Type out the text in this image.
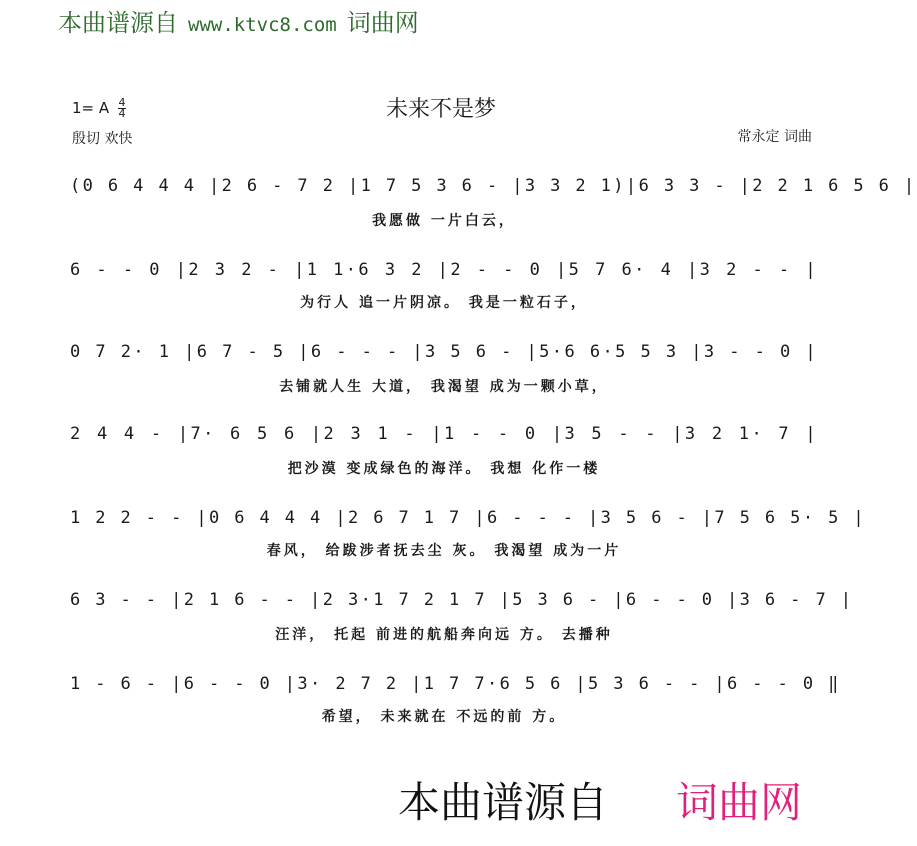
本曲谱源自 www.ktvc8.com 词曲网
1= A $\frac{4}{4}$	未来不是梦
殷切 欢快	常永定 词曲
(0 6 4 4 4 |2 6 - 7 2 |1 7 5 3 6 - |3 3 2 1)|6 3 3 - |2 2 1 6 5 6 |
我愿做 一片白云，
6 - - 0 |2 3 2 - |1 1·6 3 2 |2 - - 0 |5 7 6· 4 |3 2 - - |
为行人 追一片阴凉。 我是一粒石子，
0 7 2· 1 |6 7 - 5 |6 - - - |3 5 6 - |5·6 6·5 5 3 |3 - - 0 |
去铺就人生 大道， 我渴望 成为一颗小草，
2 4 4 - |7· 6 5 6 |2 3 1 - |1 - - 0 |3 5 - - |3 2 1· 7 |
把沙漠 变成绿色的海洋。 我想 化作一楼
1 2 2 - - |0 6 4 4 4 |2 6 7 1 7 |6 - - - |3 5 6 - |7 5 6 5· 5 |
春风， 给跋涉者抚去尘 灰。 我渴望 成为一片
6 3 - - |2 1 6 - - |2 3·1 7 2 1 7 |5 3 6 - |6 - - 0 |3 6 - 7 |
汪洋， 托起 前进的航船奔向远 方。 去播种
1 - 6 - |6 - - 0 |3· 2 7 2 |1 7 7·6 5 6 |5 3 6 - - |6 - - 0 ‖
希望， 未来就在 不远的前 方。
本曲谱源自 词曲网
